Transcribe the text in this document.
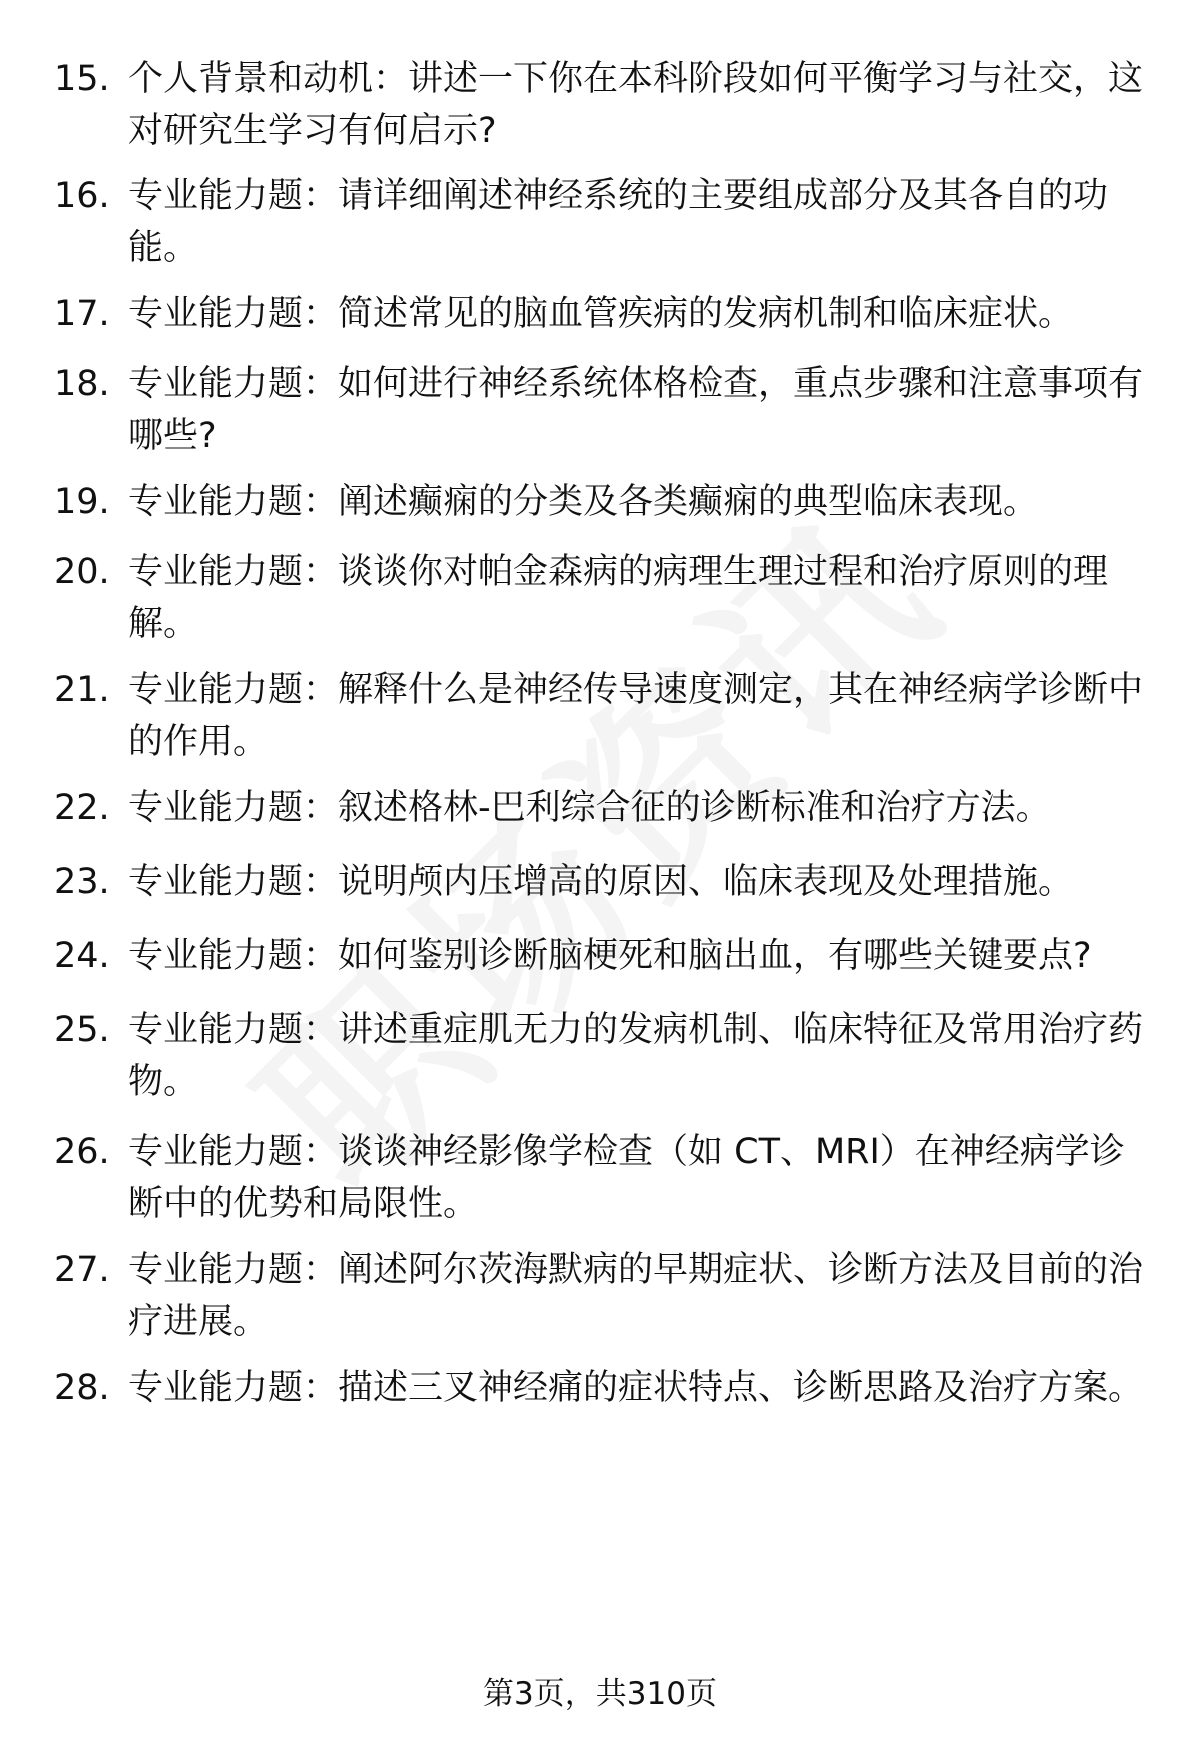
15. 个人背景和动机：讲述一下你在本科阶段如何平衡学习与社交，这对研究生学习有何启示?
16. 专业能力题：请详细阐述神经系统的主要组成部分及其各自的功能。
17. 专业能力题：简述常见的脑血管疾病的发病机制和临床症状。
18. 专业能力题：如何进行神经系统体格检查，重点步骤和注意事项有哪些?
19. 专业能力题：阐述癫痫的分类及各类癫痫的典型临床表现。
20. 专业能力题：谈谈你对帕金森病的病理生理过程和治疗原则的理解。
21. 专业能力题：解释什么是神经传导速度测定，其在神经病学诊断中的作用。
22. 专业能力题：叙述格林-巴利综合征的诊断标准和治疗方法。
23. 专业能力题：说明颅内压增高的原因、临床表现及处理措施。
24. 专业能力题：如何鉴别诊断脑梗死和脑出血，有哪些关键要点?
25. 专业能力题：讲述重症肌无力的发病机制、临床特征及常用治疗药物。
26. 专业能力题：谈谈神经影像学检查（如 CT、MRI）在神经病学诊断中的优势和局限性。
27. 专业能力题：阐述阿尔茨海默病的早期症状、诊断方法及目前的治疗进展。
28. 专业能力题：描述三叉神经痛的症状特点、诊断思路及治疗方案。
第3页，共310页
